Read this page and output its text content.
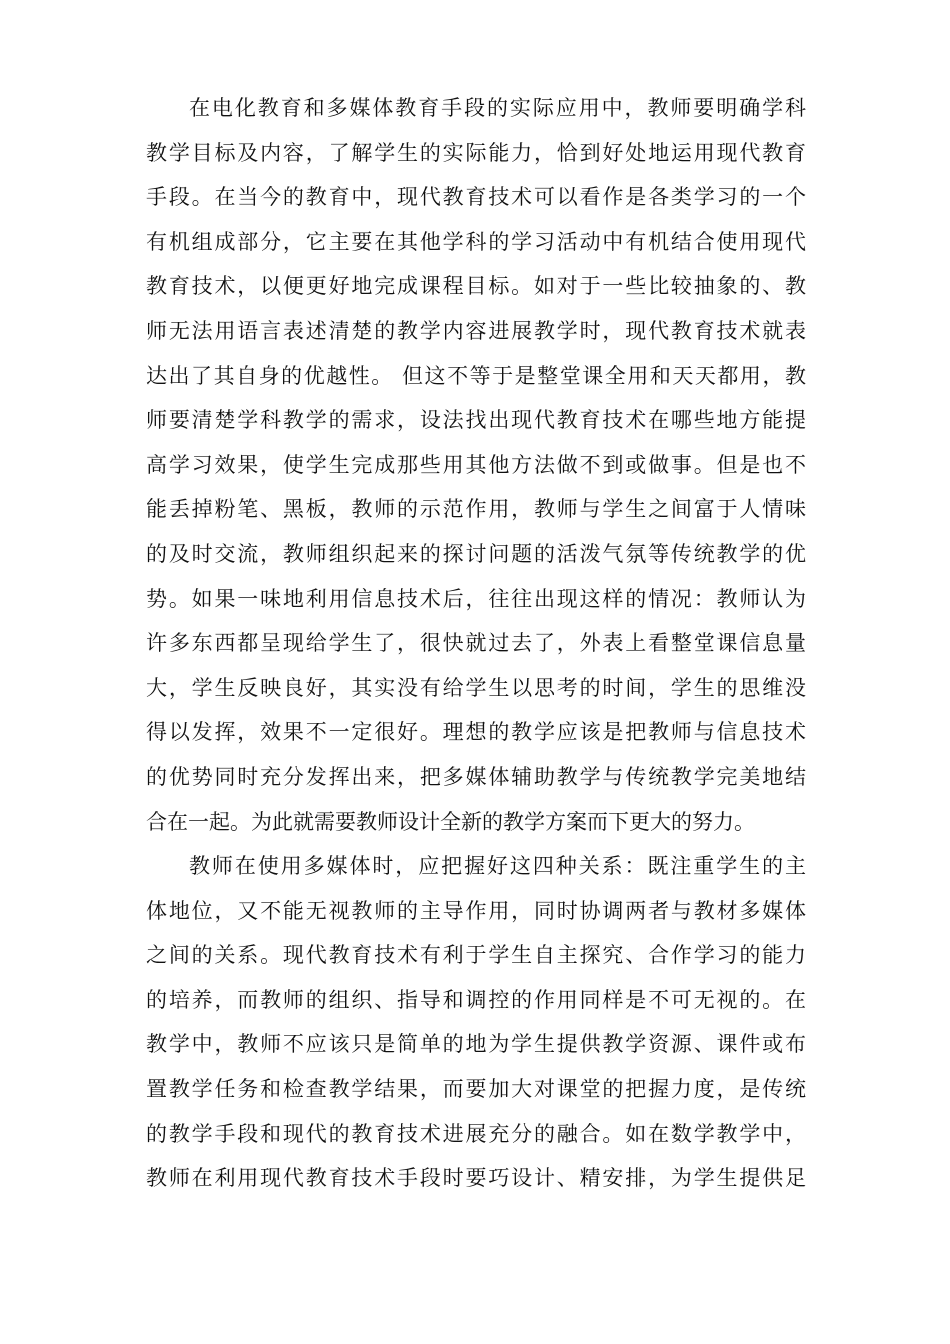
在电化教育和多媒体教育手段的实际应用中，教师要明确学科
教学目标及内容，了解学生的实际能力，恰到好处地运用现代教育
手段。在当今的教育中，现代教育技术可以看作是各类学习的一个
有机组成部分，它主要在其他学科的学习活动中有机结合使用现代
教育技术，以便更好地完成课程目标。如对于一些比较抽象的、教
师无法用语言表述清楚的教学内容进展教学时，现代教育技术就表
达出了其自身的优越性。 但这不等于是整堂课全用和天天都用，教
师要清楚学科教学的需求，设法找出现代教育技术在哪些地方能提
高学习效果，使学生完成那些用其他方法做不到或做事。但是也不
能丢掉粉笔、黑板，教师的示范作用，教师与学生之间富于人情味
的及时交流，教师组织起来的探讨问题的活泼气氛等传统教学的优
势。如果一味地利用信息技术后，往往出现这样的情况：教师认为
许多东西都呈现给学生了，很快就过去了，外表上看整堂课信息量
大，学生反映良好，其实没有给学生以思考的时间，学生的思维没
得以发挥，效果不一定很好。理想的教学应该是把教师与信息技术
的优势同时充分发挥出来，把多媒体辅助教学与传统教学完美地结
合在一起。为此就需要教师设计全新的教学方案而下更大的努力。
教师在使用多媒体时，应把握好这四种关系：既注重学生的主
体地位，又不能无视教师的主导作用，同时协调两者与教材多媒体
之间的关系。现代教育技术有利于学生自主探究、合作学习的能力
的培养，而教师的组织、指导和调控的作用同样是不可无视的。在
教学中，教师不应该只是简单的地为学生提供教学资源、课件或布
置教学任务和检查教学结果，而要加大对课堂的把握力度，是传统
的教学手段和现代的教育技术进展充分的融合。如在数学教学中，
教师在利用现代教育技术手段时要巧设计、精安排，为学生提供足
